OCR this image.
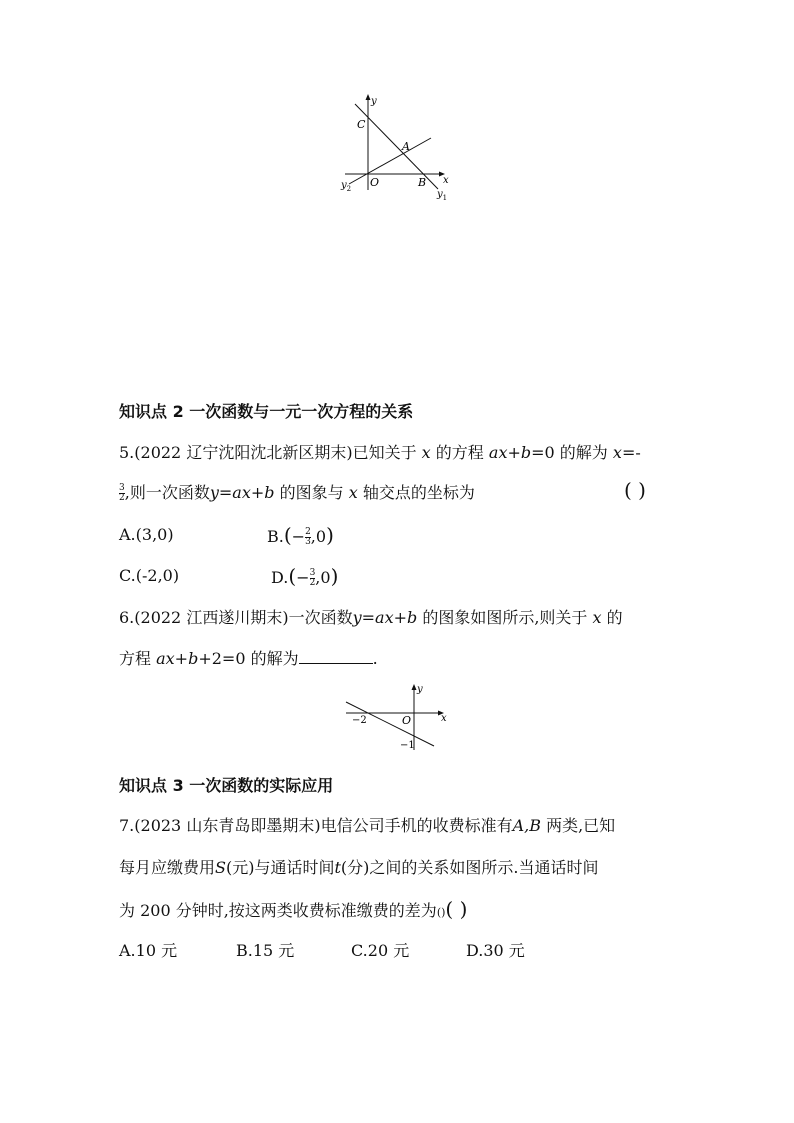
y
C
A
O	B x
$y_2$	$y_1$
知识点 2 一次函数与一元一次方程的关系
5.(2022 辽宁沈阳沈北新区期末)已知关于 x 的方程 ax+b=0 的解为 x=-
$\frac{3}{2}$ ,则一次函数y=ax+b 的图象与 x 轴交点的坐标为	( )
A.(3,0)	$B.(- \frac{2}{3} ,0)$
C.(-2,0)	$D.(- \frac{3}{2} ,0)$
6.(2022 江西遂川期末)一次函数y=ax+b 的图象如图所示,则关于 x 的
方程 ax+b+2=0 的解为	.
y
x
−2	O
−1
知识点 3 一次函数的实际应用
7.(2023 山东青岛即墨期末)电信公司手机的收费标准有A,B 两类,已知
每月应缴费用S(元)与通话时间t(分)之间的关系如图所示.当通话时间
为 200 分钟时,按这两类收费标准缴费的差为()( )
A.10 元	B.15 元	C.20 元	D.30 元
